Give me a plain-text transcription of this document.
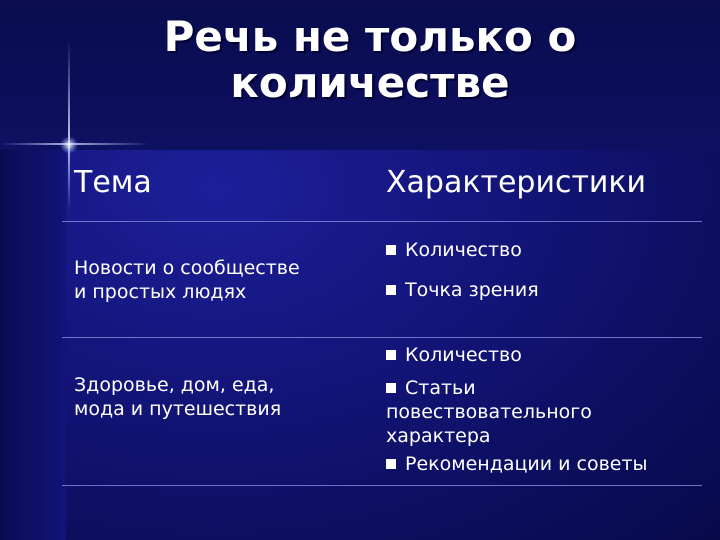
Речь не только о
количестве
Тема	Характеристики
Новости о сообществе
и простых людях
Количество
Точка зрения
Здоровье, дом, еда,
мода и путешествия
Количество
Статьи
повествовательного
характера
Рекомендации и советы
